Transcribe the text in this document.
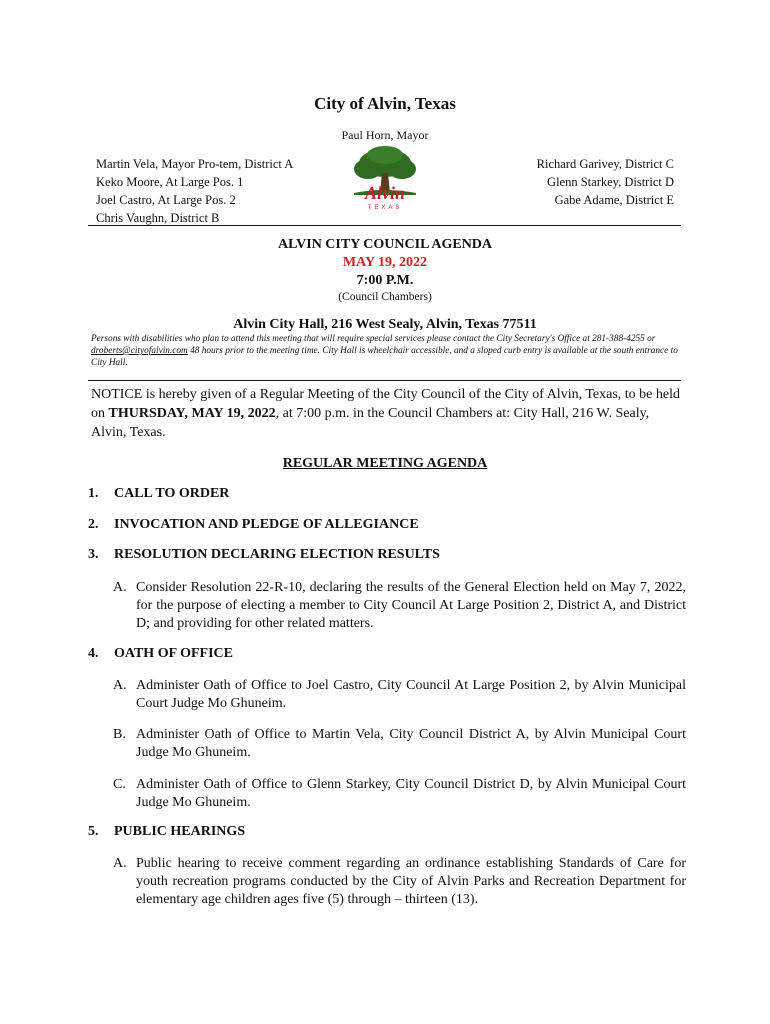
City of Alvin, Texas
Paul Horn, Mayor
Martin Vela, Mayor Pro-tem, District A
Keko Moore, At Large Pos. 1
Joel Castro, At Large Pos. 2
Chris Vaughn, District B
Richard Garivey, District C
Glenn Starkey, District D
Gabe Adame, District E
Alvin
TEXAS
ALVIN CITY COUNCIL AGENDA
MAY 19, 2022
7:00 P.M.
(Council Chambers)
Alvin City Hall, 216 West Sealy, Alvin, Texas 77511
Persons with disabilities who plan to attend this meeting that will require special services please contact the City Secretary's Office at 281-388-4255 or droberts@cityofalvin.com 48 hours prior to the meeting time. City Hall is wheelchair accessible, and a sloped curb entry is available at the south entrance to City Hall.
NOTICE is hereby given of a Regular Meeting of the City Council of the City of Alvin, Texas, to be held on THURSDAY, MAY 19, 2022, at 7:00 p.m. in the Council Chambers at: City Hall, 216 W. Sealy, Alvin, Texas.
REGULAR MEETING AGENDA
1. CALL TO ORDER
2. INVOCATION AND PLEDGE OF ALLEGIANCE
3. RESOLUTION DECLARING ELECTION RESULTS
A. Consider Resolution 22-R-10, declaring the results of the General Election held on May 7, 2022, for the purpose of electing a member to City Council At Large Position 2, District A, and District D; and providing for other related matters.
4. OATH OF OFFICE
A. Administer Oath of Office to Joel Castro, City Council At Large Position 2, by Alvin Municipal Court Judge Mo Ghuneim.
B. Administer Oath of Office to Martin Vela, City Council District A, by Alvin Municipal Court Judge Mo Ghuneim.
C. Administer Oath of Office to Glenn Starkey, City Council District D, by Alvin Municipal Court Judge Mo Ghuneim.
5. PUBLIC HEARINGS
A. Public hearing to receive comment regarding an ordinance establishing Standards of Care for youth recreation programs conducted by the City of Alvin Parks and Recreation Department for elementary age children ages five (5) through – thirteen (13).
